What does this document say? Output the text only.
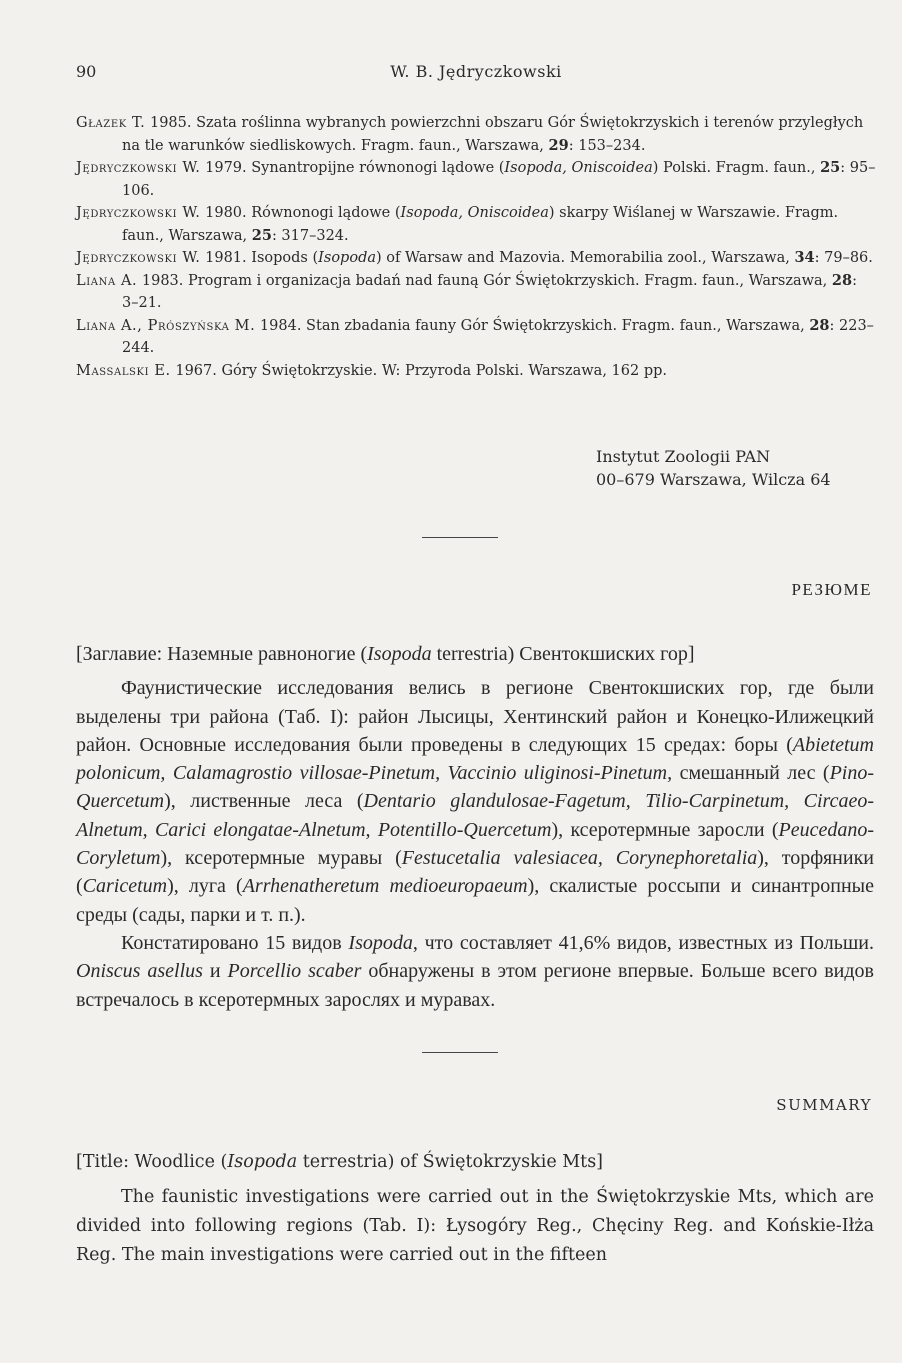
90	W. B. Jędryczkowski
Głazek T. 1985. Szata roślinna wybranych powierzchni obszaru Gór Świętokrzyskich i terenów przyległych na tle warunków siedliskowych. Fragm. faun., Warszawa, 29: 153–234.
Jędryczkowski W. 1979. Synantropijne równonogi lądowe (Isopoda, Oniscoidea) Polski. Fragm. faun., 25: 95–106.
Jędryczkowski W. 1980. Równonogi lądowe (Isopoda, Oniscoidea) skarpy Wiślanej w Warszawie. Fragm. faun., Warszawa, 25: 317–324.
Jędryczkowski W. 1981. Isopods (Isopoda) of Warsaw and Mazovia. Memorabilia zool., Warszawa, 34: 79–86.
Liana A. 1983. Program i organizacja badań nad fauną Gór Świętokrzyskich. Fragm. faun., Warszawa, 28: 3–21.
Liana A., Prószyńska M. 1984. Stan zbadania fauny Gór Świętokrzyskich. Fragm. faun., Warszawa, 28: 223–244.
Massalski E. 1967. Góry Świętokrzyskie. W: Przyroda Polski. Warszawa, 162 pp.
Instytut Zoologii PAN
00–679 Warszawa, Wilcza 64
РЕЗЮМЕ

[Заглавие: Наземные равноногие (Isopoda terrestria) Свентокшиских гор]

Фаунистические исследования велись в регионе Свентокшиских гор, где были выделены три района (Таб. I): район Лысицы, Хентинский район и Конецко-Илижецкий район. Основные исследования были проведены в следующих 15 средах: боры (Abietetum polonicum, Calamagrostio villosae-Pinetum, Vaccinio uliginosi-Pinetum, смешанный лес (Pino-Quercetum), лиственные леса (Dentario glandulosae-Fagetum, Tilio-Carpinetum, Circaeo-Alnetum, Carici elongatae-Alnetum, Potentillo-Quercetum), ксеротермные заросли (Peucedano-Coryletum), ксеротермные муравы (Festucetalia valesiacea, Corynephoretalia), торфяники (Caricetum), луга (Arrhenatheretum medioeuropaeum), скалистые россыпи и синантропные среды (сады, парки и т. п.).

Констатировано 15 видов Isopoda, что составляет 41,6% видов, известных из Польши. Oniscus asellus и Porcellio scaber обнаружены в этом регионе впервые. Больше всего видов встречалось в ксеротермных зарослях и муравах.

SUMMARY

[Title: Woodlice (Isopoda terrestria) of Świętokrzyskie Mts]

The faunistic investigations were carried out in the Świętokrzyskie Mts, which are divided into following regions (Tab. I): Łysogóry Reg., Chęciny Reg. and Końskie-Iłża Reg. The main investigations were carried out in the fifteen
